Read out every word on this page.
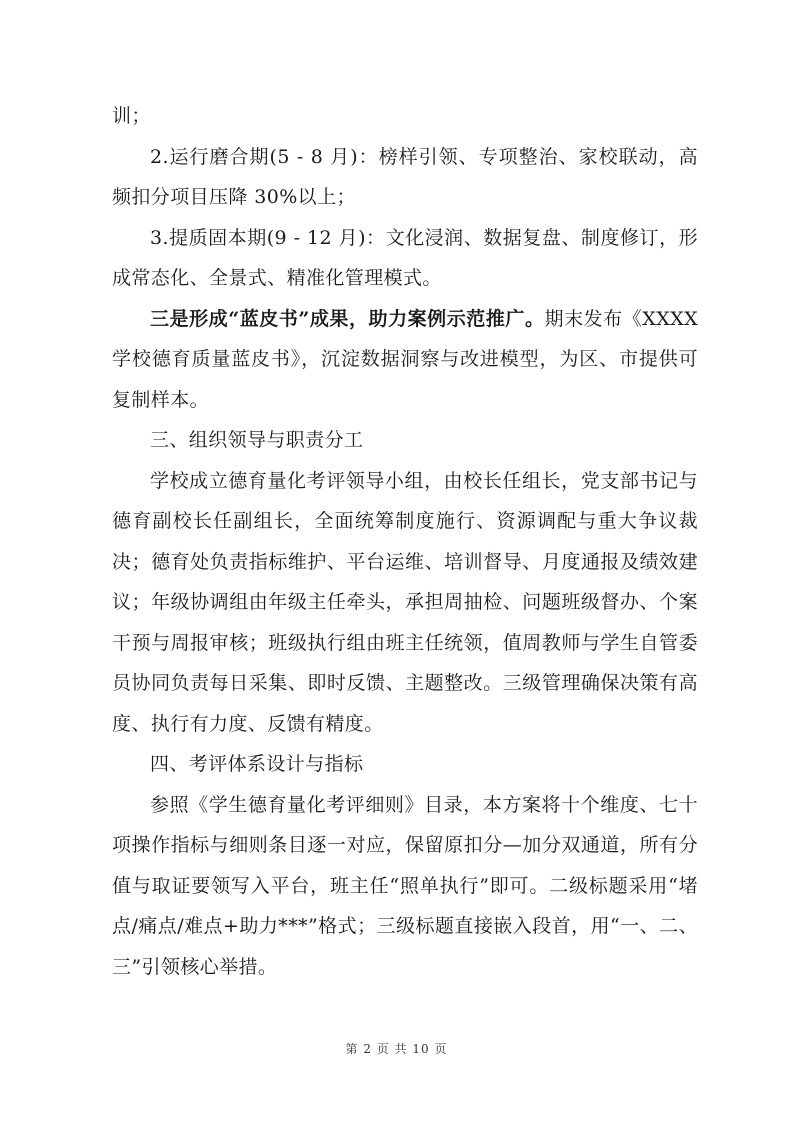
训；

2.运行磨合期(5 - 8 月)：榜样引领、专项整治、家校联动，高频扣分项目压降 30%以上；

3.提质固本期(9 - 12 月)：文化浸润、数据复盘、制度修订，形成常态化、全景式、精准化管理模式。

三是形成“蓝皮书”成果，助力案例示范推广。期末发布《XXXX 学校德育质量蓝皮书》，沉淀数据洞察与改进模型，为区、市提供可复制样本。

三、组织领导与职责分工

学校成立德育量化考评领导小组，由校长任组长，党支部书记与德育副校长任副组长，全面统筹制度施行、资源调配与重大争议裁决；德育处负责指标维护、平台运维、培训督导、月度通报及绩效建议；年级协调组由年级主任牵头，承担周抽检、问题班级督办、个案干预与周报审核；班级执行组由班主任统领，值周教师与学生自管委员协同负责每日采集、即时反馈、主题整改。三级管理确保决策有高度、执行有力度、反馈有精度。

四、考评体系设计与指标

参照《学生德育量化考评细则》目录，本方案将十个维度、七十项操作指标与细则条目逐一对应，保留原扣分—加分双通道，所有分值与取证要领写入平台，班主任“照单执行”即可。二级标题采用“堵点/痛点/难点+助力***”格式；三级标题直接嵌入段首，用“一、二、三”引领核心举措。

第 2 页 共 10 页
